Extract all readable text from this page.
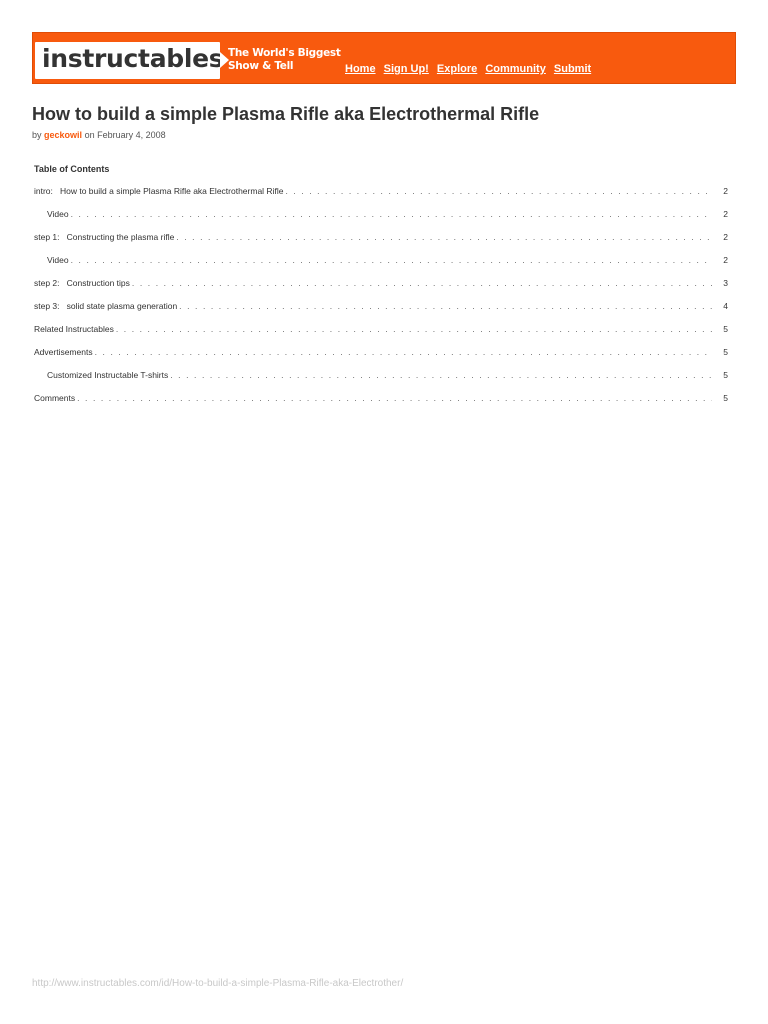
instructables The World's Biggest
Show & Tell	Home Sign Up! Explore Community Submit
How to build a simple Plasma Rifle aka Electrothermal Rifle
by geckowil on February 4, 2008
Table of Contents
intro:   How to build a simple Plasma Rifle aka Electrothermal Rifle . . .	2
Video . . .	2
step 1:   Constructing the plasma rifle . . .	2
Video . . .	2
step 2:   Construction tips . . .	3
step 3:   solid state plasma generation . . .	4
Related Instructables . . .	5
Advertisements . . .	5
Customized Instructable T-shirts . . .	5
Comments . . .	5
http://www.instructables.com/id/How-to-build-a-simple-Plasma-Rifle-aka-Electrother/
